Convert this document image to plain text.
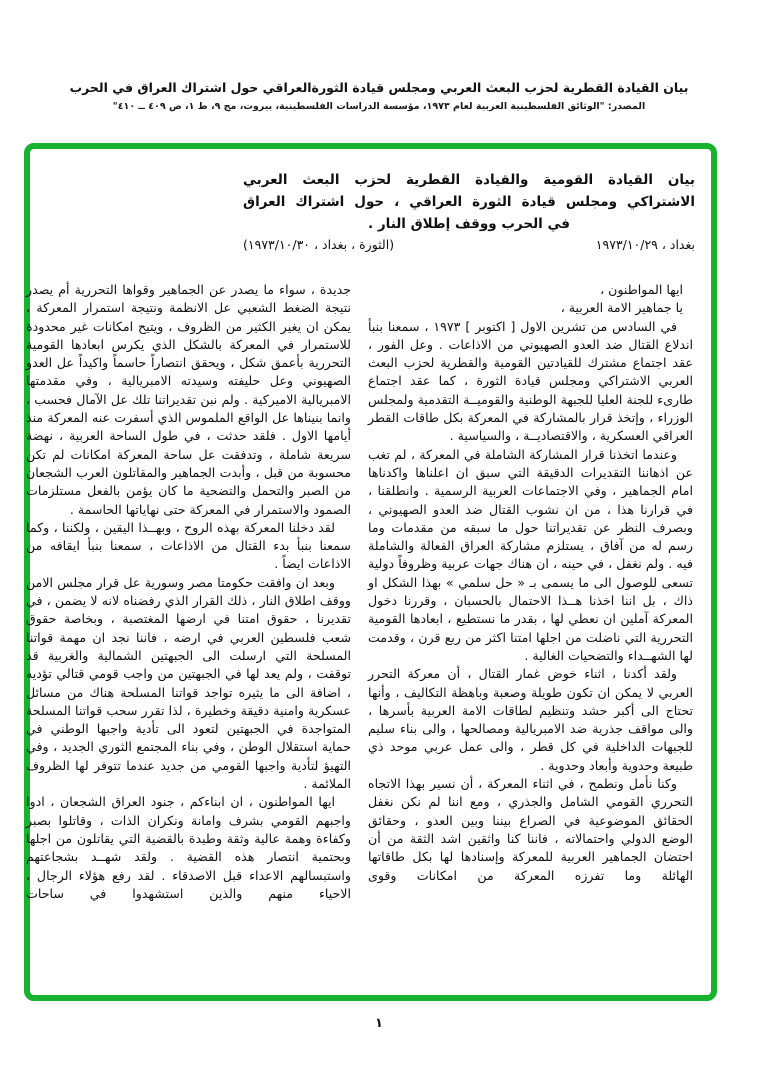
بيان القيادة القطرية لحزب البعث العربي ومجلس قيادة الثورةالعراقي حول اشتراك العراق في الحرب
المصدر: "الوثائق الفلسطينية العربية لعام ١٩٧٣، مؤسسة الدراسات الفلسطينية، بيروت، مج ٩، ط ١، ص ٤٠٩ ــ ٤١٠"
بيان القيادة القومية والقيادة القطرية لحزب البعث العربي
الاشتراكي ومجلس قيادة الثورة العراقي ، حول اشتراك العراق
في الحرب ووقف إطلاق النار .
بغداد ، ١٩٧٣/١٠/٢٩
(الثورة ، بغداد ، ١٩٧٣/١٠/٣٠)

ايها المواطنون ،

يا جماهير الامة العربية ،

في السادس من تشرين الاول [ اكتوبر ] ١٩٧٣ ، سمعنا بنبأ اندلاع القتال ضد العدو الصهيوني من الاذاعات . وعل الفور ، عقد اجتماع مشترك للقيادتين القومية والقطرية لحزب البعث العربي الاشتراكي ومجلس قيادة الثورة ، كما عقد اجتماع طارىء للجنة العليا للجبهة الوطنية والقوميــة التقدمية ولمجلس الوزراء ، وإتخذ قرار بالمشاركة في المعركة بكل طاقات القطر العراقي العسكرية ، والاقتصاديــة ، والسياسية .

وعندما اتخذنا قرار المشاركة الشاملة في المعركة ، لم تغب عن اذهاننا التقديرات الدقيقة التي سبق ان اعلناها واكدناها امام الجماهير ، وفي الاجتماعات العربية الرسمية . وانطلقنا ، في قرارنا هذا ، من ان نشوب القتال ضد العدو الصهيوني ، وبصرف النظر عن تقديراتنا حول ما سبقه من مقدمات وما رسم له من آفاق ، يستلزم مشاركة العراق الفعالة والشاملة فيه . ولم نغفل ، في حينه ، ان هناك جهات عربية وظروفاً دولية تسعى للوصول الى ما يسمى بـ « حل سلمي » بهذا الشكل او ذاك ، بل اننا اخذنا هــذا الاحتمال بالحسبان ، وقررنا دخول المعركة آملين ان نعطي لها ، بقدر ما نستطيع ، ابعادها القومية التحررية التي ناضلت من اجلها امتنا اكثر من ربع قرن ، وقدمت لها الشهــداء والتضحيات الغالية .

ولقد أكدنا ، اثناء خوض غمار القتال ، أن معركة التحرر العربي لا يمكن ان تكون طويلة وصعبة وباهظة التكاليف ، وأنها تحتاج الى أكبر حشد وتنظيم لطاقات الامة العربية بأسرها ، والى مواقف جذرية ضد الامبريالية ومصالحها ، والى بناء سليم للجبهات الداخلية في كل قطر ، والى عمل عربي موحد ذي طبيعة وحدوية وأبعاد وحدوية .

وكنا نأمل ونطمح ، في اثناء المعركة ، أن نسير بهذا الاتجاه التحرري القومي الشامل والجذري ، ومع اننا لم نكن نغفل الحقائق الموضوعية في الصراع بيننا وبين العدو ، وحقائق الوضع الدولي واحتمالاته ، فاننا كنا واثقين اشد الثقة من أن احتضان الجماهير العربية للمعركة وإسنادها لها بكل طاقاتها الهائلة وما تفرزه المعركة من امكانات وقوى

جديدة ، سواء ما يصدر عن الجماهير وقواها التحررية أم يصدر نتيجة الضغط الشعبي عل الانظمة ونتيجة استمرار المعركة ، يمكن ان يغير الكثير من الظروف ، ويتيح امكانات غير محدودة للاستمرار في المعركة بالشكل الذي يكرس ابعادها القومية التحررية بأعمق شكل ، ويحقق انتصاراً حاسماً واكيداً عل العدو الصهيوني وعل حليفته وسيدته الامبريالية ، وفي مقدمتها الامبريالية الاميركية . ولم نبن تقديراتنا تلك عل الآمال فحسب ، وانما بنيناها عل الواقع الملموس الذي أسفرت عنه المعركة منذ أيامها الاول . فلقد حدثت ، في طول الساحة العربية ، نهضة سريعة شاملة ، وتدفقت عل ساحة المعركة امكانات لم تكن محسوبة من قبل ، وأبدت الجماهير والمقاتلون العرب الشجعان من الصبر والتحمل والتضحية ما كان يؤمن بالفعل مستلزمات الصمود والاستمرار في المعركة حتى نهاياتها الحاسمة .

لقد دخلنا المعركة بهذه الروح ، وبهــذا اليقين ، ولكننا ، وكما سمعنا بنبأ بدء القتال من الاذاعات ، سمعنا بنبأ ايقافه من الاذاعات ايضاً .

وبعد ان وافقت حكومتا مصر وسورية عل قرار مجلس الامن ووقف اطلاق النار ، ذلك القرار الذي رفضناه لانه لا يضمن ، في تقديرنا ، حقوق امتنا في ارضها المغتصبة ، وبخاصة حقوق شعب فلسطين العربي في ارضه ، فاننا نجد ان مهمة قواتنا المسلحة التي ارسلت الى الجبهتين الشمالية والغربية قد توقفت ، ولم يعد لها في الجبهتين من واجب قومي قتالي تؤديه ، اضافة الى ما يثيره تواجد قواتنا المسلحة هناك من مسائل عسكرية وامنية دقيقة وخطيرة ، لذا تقرر سحب قواتنا المسلحة المتواجدة في الجبهتين لتعود الى تأدية واجبها الوطني في حماية استقلال الوطن ، وفي بناء المجتمع الثوري الجديد ، وفي التهيؤ لتأدية واجبها القومي من جديد عندما تتوفر لها الظروف الملائمة .

ايها المواطنون ، ان ابناءكم ، جنود العراق الشجعان ، ادوا واجبهم القومي بشرف وامانة ونكران الذات ، وقاتلوا بصبر وكفاءة وهمة عالية وثقة وطيدة بالقضية التي يقاتلون من اجلها وبحتمية انتصار هذه القضية . ولقد شهــد بشجاعتهم واستبسالهم الاعداء قبل الاصدقاء . لقد رفع هؤلاء الرجال ، الاحياء منهم والذين استشهدوا في ساحات

١
